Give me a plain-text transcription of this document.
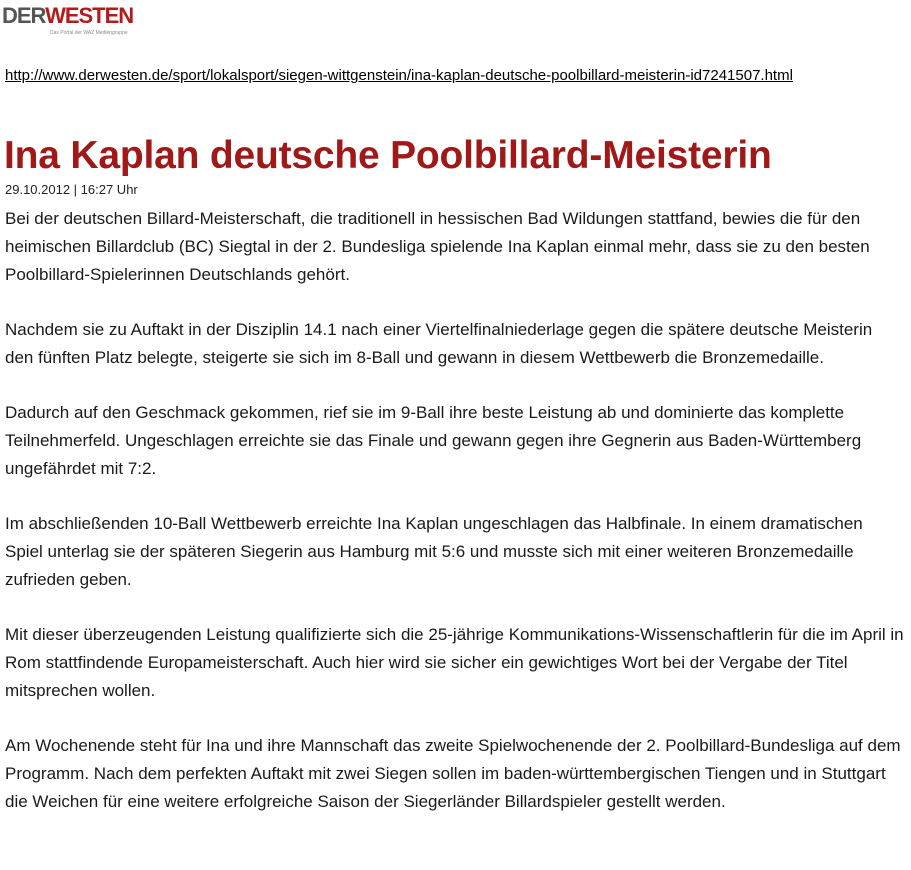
DERWESTEN
Das Portal der WAZ Mediengruppe
http://www.derwesten.de/sport/lokalsport/siegen-wittgenstein/ina-kaplan-deutsche-poolbillard-meisterin-id7241507.html
Ina Kaplan deutsche Poolbillard-Meisterin
29.10.2012 | 16:27 Uhr

Bei der deutschen Billard-Meisterschaft, die traditionell in hessischen Bad Wildungen stattfand, bewies die für den heimischen Billardclub (BC) Siegtal in der 2. Bundesliga spielende Ina Kaplan einmal mehr, dass sie zu den besten Poolbillard-Spielerinnen Deutschlands gehört.

Nachdem sie zu Auftakt in der Disziplin 14.1 nach einer Viertelfinalniederlage gegen die spätere deutsche Meisterin den fünften Platz belegte, steigerte sie sich im 8-Ball und gewann in diesem Wettbewerb die Bronzemedaille.

Dadurch auf den Geschmack gekommen, rief sie im 9-Ball ihre beste Leistung ab und dominierte das komplette Teilnehmerfeld. Ungeschlagen erreichte sie das Finale und gewann gegen ihre Gegnerin aus Baden-Württemberg ungefährdet mit 7:2.

Im abschließenden 10-Ball Wettbewerb erreichte Ina Kaplan ungeschlagen das Halbfinale. In einem dramatischen Spiel unterlag sie der späteren Siegerin aus Hamburg mit 5:6 und musste sich mit einer weiteren Bronzemedaille zufrieden geben.

Mit dieser überzeugenden Leistung qualifizierte sich die 25-jährige Kommunikations-Wissenschaftlerin für die im April in Rom stattfindende Europameisterschaft. Auch hier wird sie sicher ein gewichtiges Wort bei der Vergabe der Titel mitsprechen wollen.

Am Wochenende steht für Ina und ihre Mannschaft das zweite Spielwochenende der 2. Poolbillard-Bundesliga auf dem Programm. Nach dem perfekten Auftakt mit zwei Siegen sollen im baden-württembergischen Tiengen und in Stuttgart die Weichen für eine weitere erfolgreiche Saison der Siegerländer Billardspieler gestellt werden.
